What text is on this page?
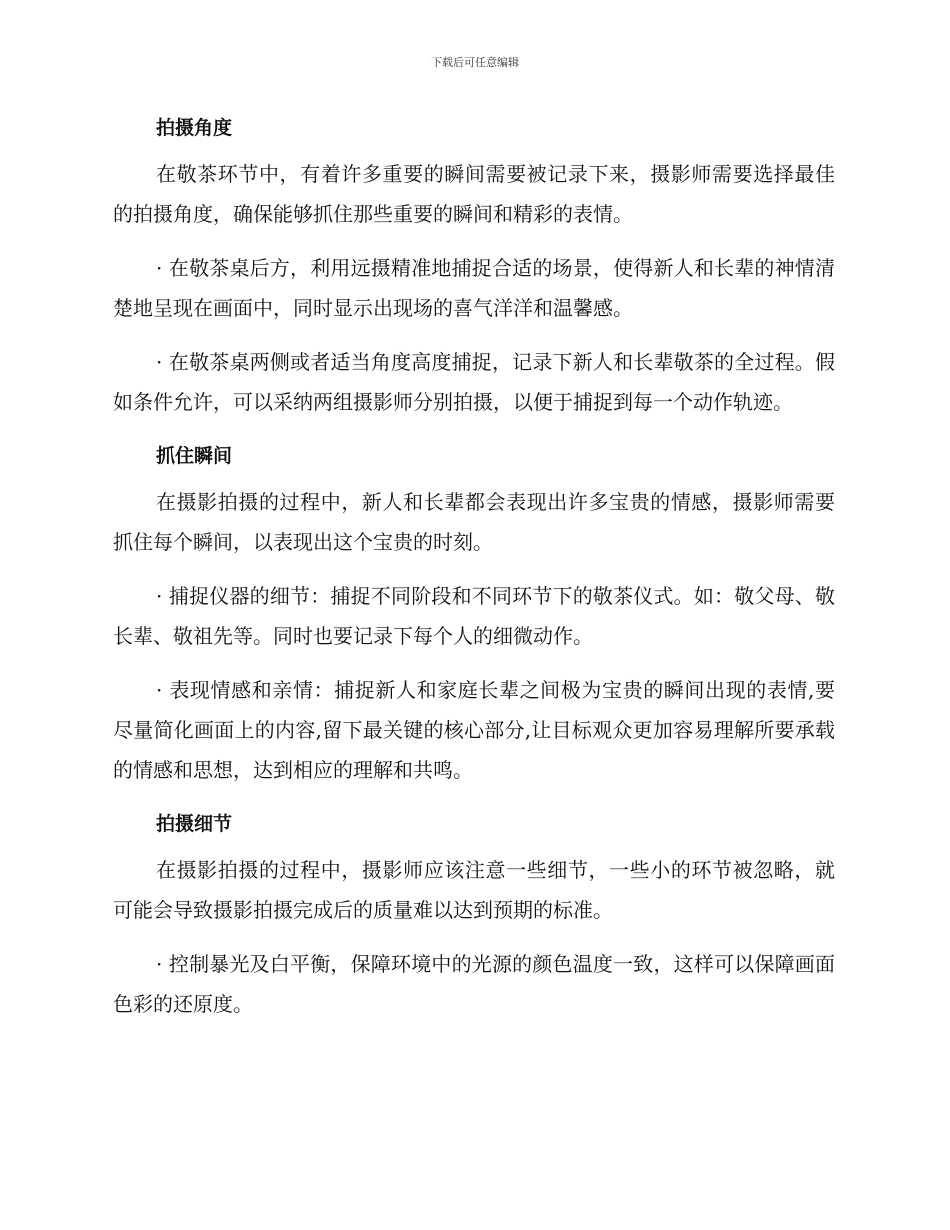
下载后可任意编辑
拍摄角度

在敬茶环节中，有着许多重要的瞬间需要被记录下来，摄影师需要选择最佳的拍摄角度，确保能够抓住那些重要的瞬间和精彩的表情。

· 在敬茶桌后方，利用远摄精准地捕捉合适的场景，使得新人和长辈的神情清楚地呈现在画面中，同时显示出现场的喜气洋洋和温馨感。

· 在敬茶桌两侧或者适当角度高度捕捉，记录下新人和长辈敬茶的全过程。假如条件允许，可以采纳两组摄影师分别拍摄，以便于捕捉到每一个动作轨迹。

抓住瞬间

在摄影拍摄的过程中，新人和长辈都会表现出许多宝贵的情感，摄影师需要抓住每个瞬间，以表现出这个宝贵的时刻。

· 捕捉仪器的细节：捕捉不同阶段和不同环节下的敬茶仪式。如：敬父母、敬长辈、敬祖先等。同时也要记录下每个人的细微动作。

· 表现情感和亲情：捕捉新人和家庭长辈之间极为宝贵的瞬间出现的表情,要尽量简化画面上的内容,留下最关键的核心部分,让目标观众更加容易理解所要承载的情感和思想，达到相应的理解和共鸣。

拍摄细节

在摄影拍摄的过程中，摄影师应该注意一些细节，一些小的环节被忽略，就可能会导致摄影拍摄完成后的质量难以达到预期的标准。

· 控制暴光及白平衡，保障环境中的光源的颜色温度一致，这样可以保障画面色彩的还原度。
